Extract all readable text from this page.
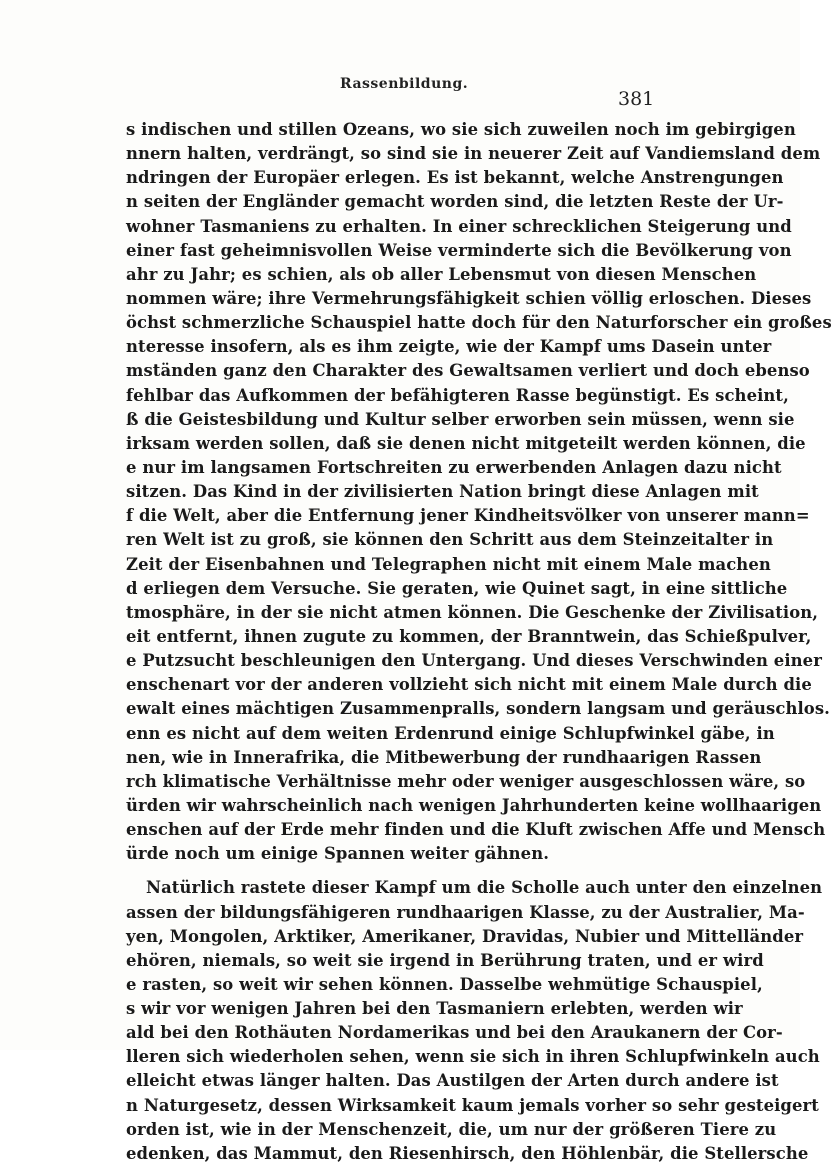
Rassenbildung.
381
s indischen und stillen Ozeans, wo sie sich zuweilen noch im gebirgigen
nnern halten, verdrängt, so sind sie in neuerer Zeit auf Vandiemsland dem
ndringen der Europäer erlegen. Es ist bekannt, welche Anstrengungen
n seiten der Engländer gemacht worden sind, die letzten Reste der Ur-
wohner Tasmaniens zu erhalten. In einer schrecklichen Steigerung und
einer fast geheimnisvollen Weise verminderte sich die Bevölkerung von
ahr zu Jahr; es schien, als ob aller Lebensmut von diesen Menschen
nommen wäre; ihre Vermehrungsfähigkeit schien völlig erloschen. Dieses
öchst schmerzliche Schauspiel hatte doch für den Naturforscher ein großes
nteresse insofern, als es ihm zeigte, wie der Kampf ums Dasein unter
mständen ganz den Charakter des Gewaltsamen verliert und doch ebenso
fehlbar das Aufkommen der befähigteren Rasse begünstigt. Es scheint,
ß die Geistesbildung und Kultur selber erworben sein müssen, wenn sie
irksam werden sollen, daß sie denen nicht mitgeteilt werden können, die
e nur im langsamen Fortschreiten zu erwerbenden Anlagen dazu nicht
sitzen. Das Kind in der zivilisierten Nation bringt diese Anlagen mit
f die Welt, aber die Entfernung jener Kindheitsvölker von unserer mann=
ren Welt ist zu groß, sie können den Schritt aus dem Steinzeitalter in
Zeit der Eisenbahnen und Telegraphen nicht mit einem Male machen
d erliegen dem Versuche. Sie geraten, wie Quinet sagt, in eine sittliche
tmosphäre, in der sie nicht atmen können. Die Geschenke der Zivilisation,
eit entfernt, ihnen zugute zu kommen, der Branntwein, das Schießpulver,
e Putzsucht beschleunigen den Untergang. Und dieses Verschwinden einer
enschenart vor der anderen vollzieht sich nicht mit einem Male durch die
ewalt eines mächtigen Zusammenpralls, sondern langsam und geräuschlos.
enn es nicht auf dem weiten Erdenrund einige Schlupfwinkel gäbe, in
nen, wie in Innerafrika, die Mitbewerbung der rundhaarigen Rassen
rch klimatische Verhältnisse mehr oder weniger ausgeschlossen wäre, so
ürden wir wahrscheinlich nach wenigen Jahrhunderten keine wollhaarigen
enschen auf der Erde mehr finden und die Kluft zwischen Affe und Mensch
ürde noch um einige Spannen weiter gähnen.
Natürlich rastete dieser Kampf um die Scholle auch unter den einzelnen
assen der bildungsfähigeren rundhaarigen Klasse, zu der Australier, Ma-
yen, Mongolen, Arktiker, Amerikaner, Dravidas, Nubier und Mittelländer
ehören, niemals, so weit sie irgend in Berührung traten, und er wird
e rasten, so weit wir sehen können. Dasselbe wehmütige Schauspiel,
s wir vor wenigen Jahren bei den Tasmaniern erlebten, werden wir
ald bei den Rothäuten Nordamerikas und bei den Araukanern der Cor-
lleren sich wiederholen sehen, wenn sie sich in ihren Schlupfwinkeln auch
elleicht etwas länger halten. Das Austilgen der Arten durch andere ist
n Naturgesetz, dessen Wirksamkeit kaum jemals vorher so sehr gesteigert
orden ist, wie in der Menschenzeit, die, um nur der größeren Tiere zu
edenken, das Mammut, den Riesenhirsch, den Höhlenbär, die Stellersche
